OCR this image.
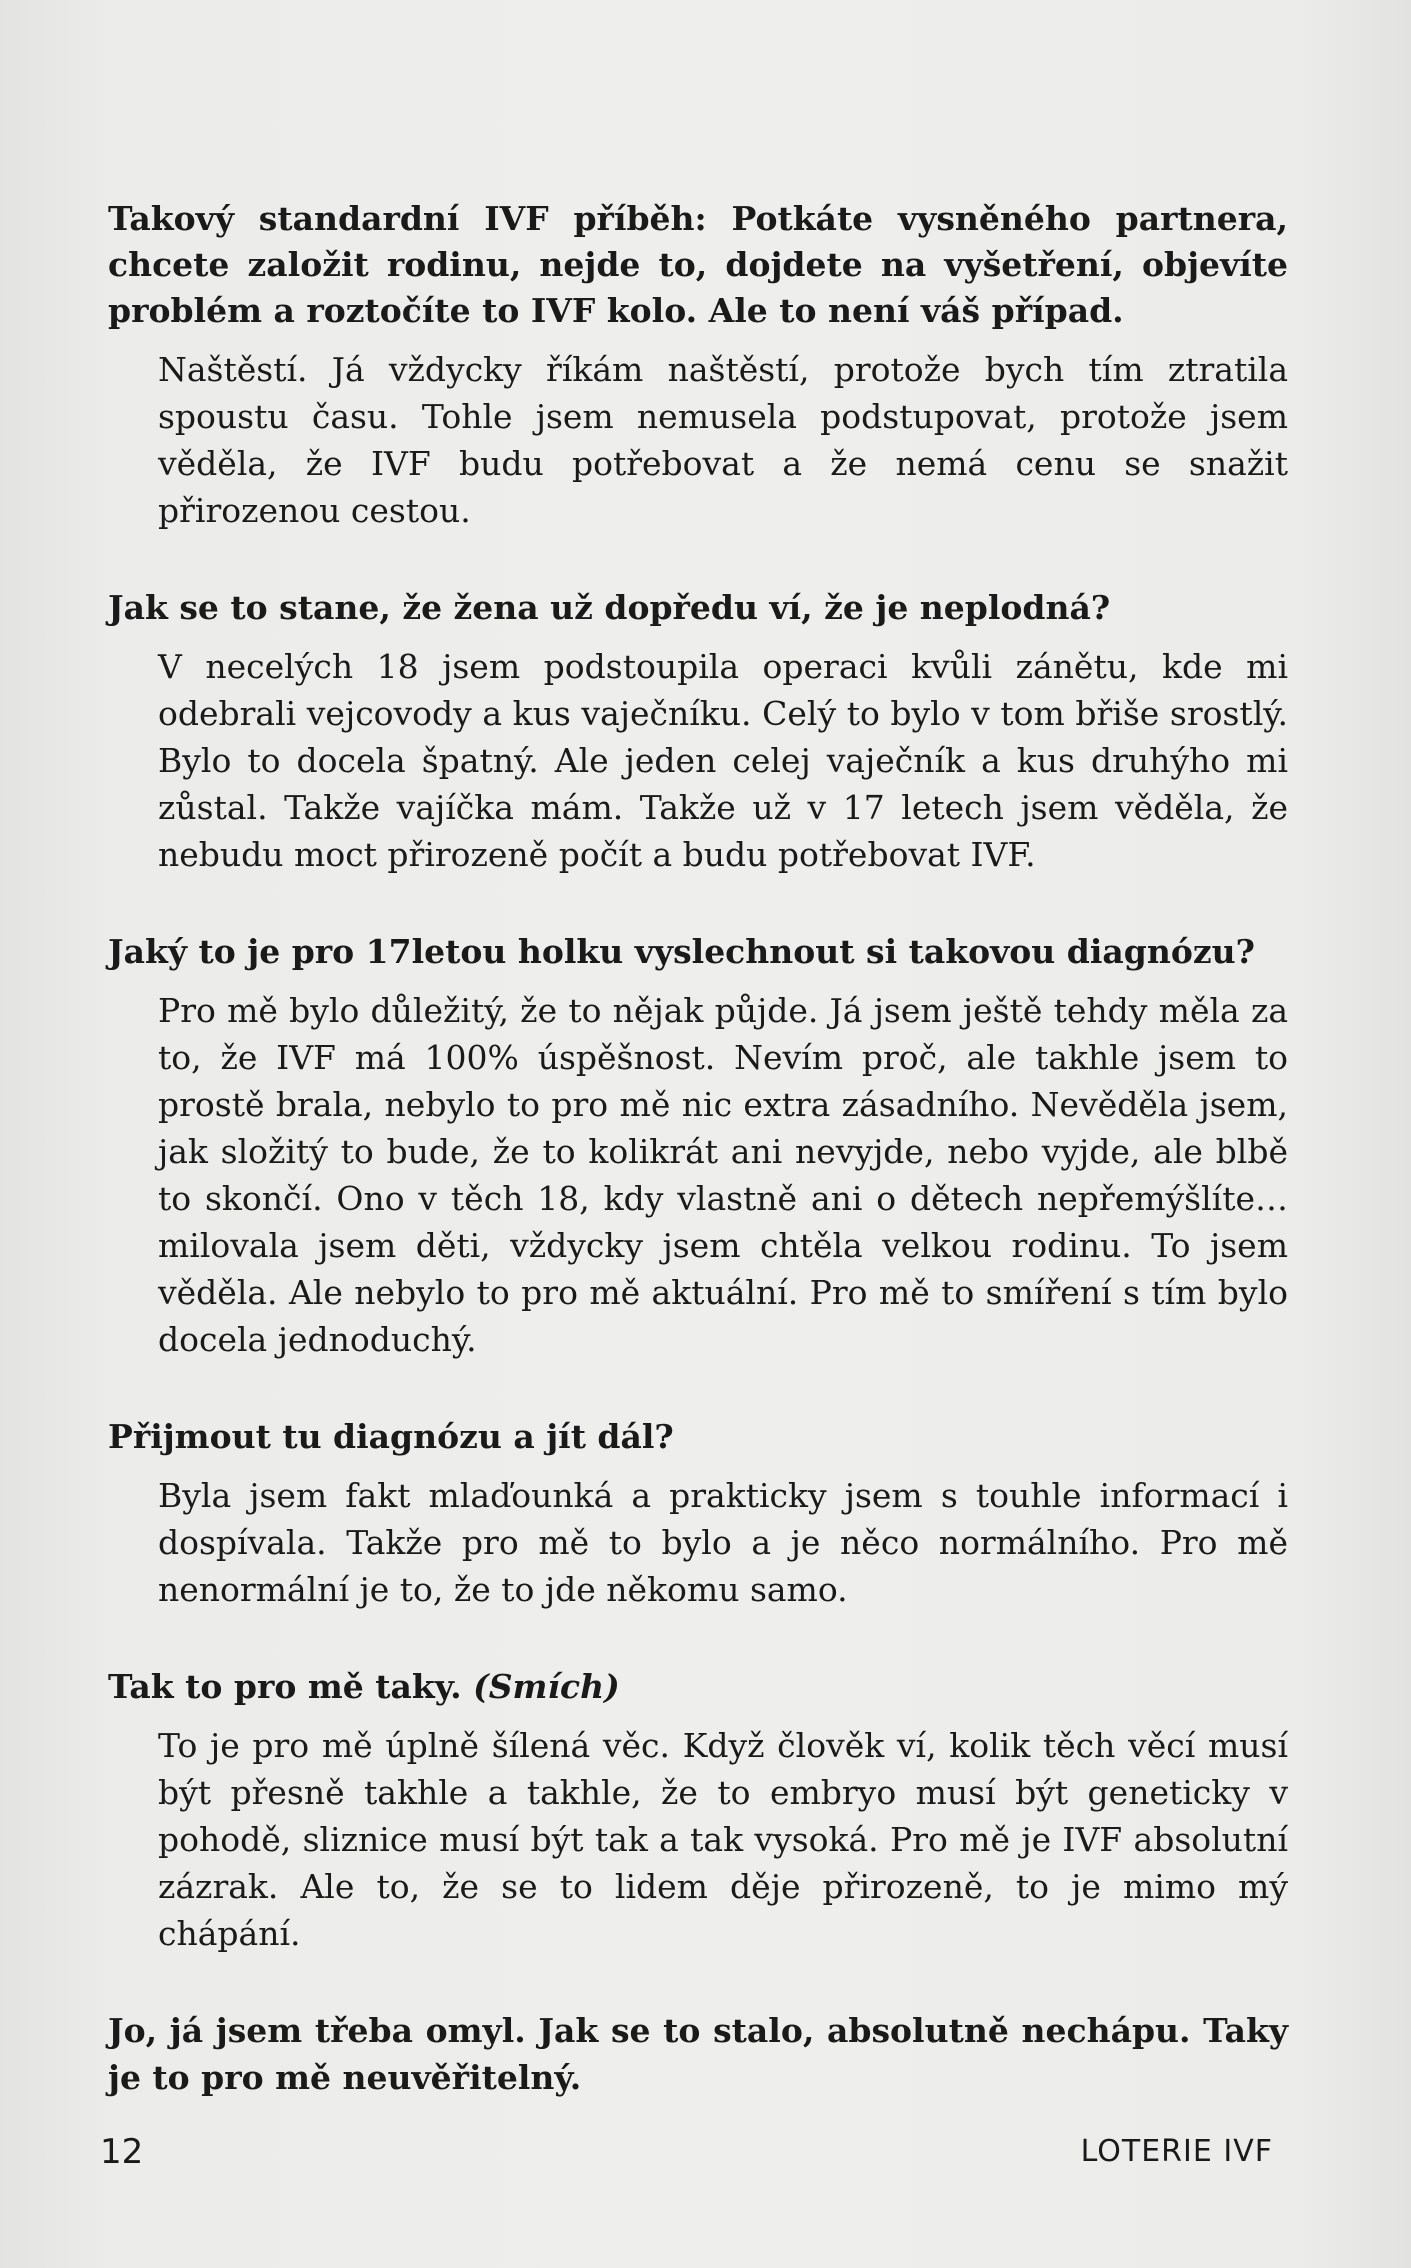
Takový standardní IVF příběh: Potkáte vysněného partnera, chcete založit rodinu, nejde to, dojdete na vyšetření, objevíte problém a roztočíte to IVF kolo. Ale to není váš případ.

Naštěstí. Já vždycky říkám naštěstí, protože bych tím ztratila spoustu času. Tohle jsem nemusela podstupovat, protože jsem věděla, že IVF budu potřebovat a že nemá cenu se snažit přirozenou cestou.

Jak se to stane, že žena už dopředu ví, že je neplodná?

V necelých 18 jsem podstoupila operaci kvůli zánětu, kde mi odebrali vejcovody a kus vaječníku. Celý to bylo v tom břiše srostlý. Bylo to docela špatný. Ale jeden celej vaječník a kus druhýho mi zůstal. Takže vajíčka mám. Takže už v 17 letech jsem věděla, že nebudu moct přirozeně počít a budu potřebovat IVF.

Jaký to je pro 17letou holku vyslechnout si takovou diagnózu?

Pro mě bylo důležitý, že to nějak půjde. Já jsem ještě tehdy měla za to, že IVF má 100% úspěšnost. Nevím proč, ale takhle jsem to prostě brala, nebylo to pro mě nic extra zásadního. Nevěděla jsem, jak složitý to bude, že to kolikrát ani nevyjde, nebo vyjde, ale blbě to skončí. Ono v těch 18, kdy vlastně ani o dětech nepřemýšlíte… milovala jsem děti, vždycky jsem chtěla velkou rodinu. To jsem věděla. Ale nebylo to pro mě aktuální. Pro mě to smíření s tím bylo docela jednoduchý.

Přijmout tu diagnózu a jít dál?

Byla jsem fakt mlaďounká a prakticky jsem s touhle informací i dospívala. Takže pro mě to bylo a je něco normálního. Pro mě nenormální je to, že to jde někomu samo.

Tak to pro mě taky. (Smích)

To je pro mě úplně šílená věc. Když člověk ví, kolik těch věcí musí být přesně takhle a takhle, že to embryo musí být geneticky v pohodě, sliznice musí být tak a tak vysoká. Pro mě je IVF absolutní zázrak. Ale to, že se to lidem děje přirozeně, to je mimo mý chápání.

Jo, já jsem třeba omyl. Jak se to stalo, absolutně nechápu. Taky je to pro mě neuvěřitelný.

12	LOTERIE IVF
